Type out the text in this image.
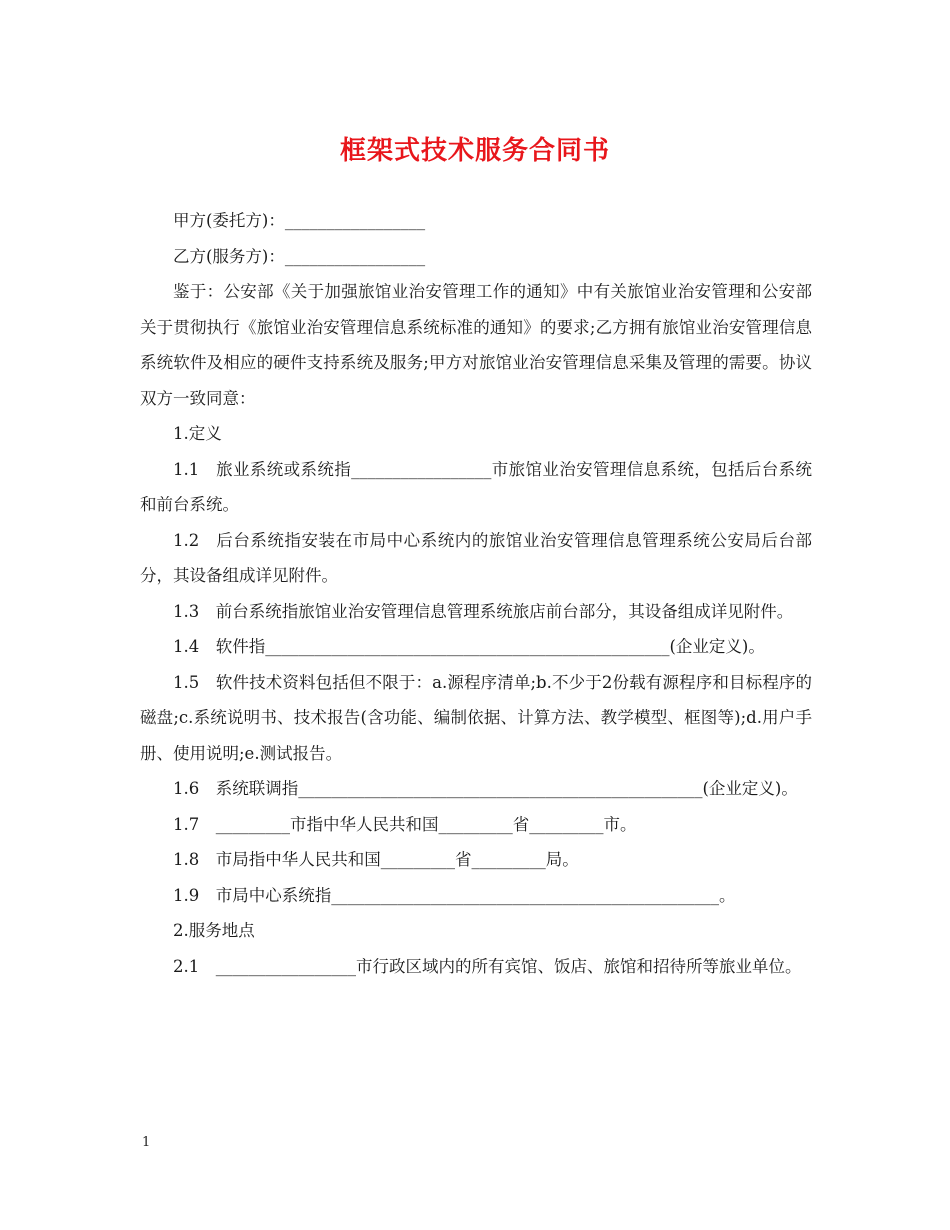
框架式技术服务合同书

甲方(委托方)：_________________

乙方(服务方)：_________________

鉴于：公安部《关于加强旅馆业治安管理工作的通知》中有关旅馆业治安管理和公安部关于贯彻执行《旅馆业治安管理信息系统标准的通知》的要求;乙方拥有旅馆业治安管理信息系统软件及相应的硬件支持系统及服务;甲方对旅馆业治安管理信息采集及管理的需要。协议双方一致同意：

1.定义

1.1 旅业系统或系统指_________________市旅馆业治安管理信息系统，包括后台系统和前台系统。

1.2 后台系统指安装在市局中心系统内的旅馆业治安管理信息管理系统公安局后台部分，其设备组成详见附件。

1.3 前台系统指旅馆业治安管理信息管理系统旅店前台部分，其设备组成详见附件。

1.4 软件指_________________________________________________(企业定义)。

1.5 软件技术资料包括但不限于：a.源程序清单;b.不少于2份载有源程序和目标程序的磁盘;c.系统说明书、技术报告(含功能、编制依据、计算方法、教学模型、框图等);d.用户手册、使用说明;e.测试报告。

1.6 系统联调指_________________________________________________(企业定义)。

1.7 _________市指中华人民共和国_________省_________市。

1.8 市局指中华人民共和国_________省_________局。

1.9 市局中心系统指_______________________________________________。

2.服务地点

2.1 _________________市行政区域内的所有宾馆、饭店、旅馆和招待所等旅业单位。

1
